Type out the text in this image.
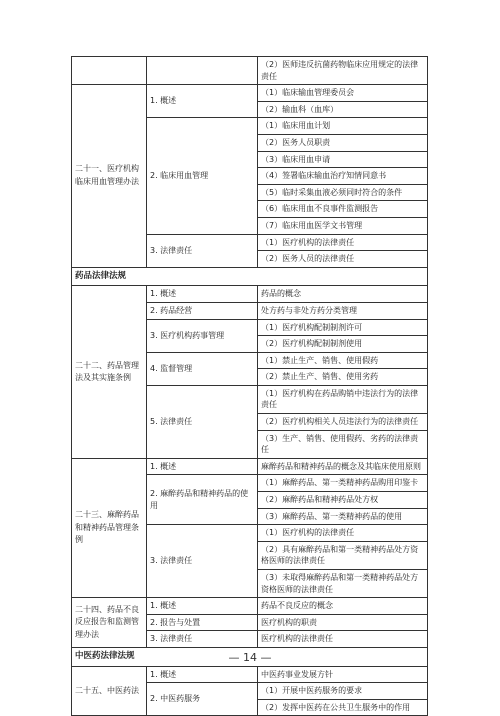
		（2）医师违反抗菌药物临床应用规定的法律责任
二十一、医疗机构临床用血管理办法	1. 概述	（1）临床输血管理委员会
		（2）输血科（血库）
	2. 临床用血管理	（1）临床用血计划
		（2）医务人员职责
		（3）临床用血申请
		（4）签署临床输血治疗知情同意书
		（5）临时采集血液必须同时符合的条件
		（6）临床用血不良事件监测报告
		（7）临床用血医学文书管理
	3. 法律责任	（1）医疗机构的法律责任
		（2）医务人员的法律责任
药品法律法规		
二十二、药品管理法及其实施条例	1. 概述	药品的概念
	2. 药品经营	处方药与非处方药分类管理
	3. 医疗机构药事管理	（1）医疗机构配制制剂许可
		（2）医疗机构配制制剂使用
	4. 监督管理	（1）禁止生产、销售、使用假药
		（2）禁止生产、销售、使用劣药
	5. 法律责任	（1）医疗机构在药品购销中违法行为的法律责任
		（2）医疗机构相关人员违法行为的法律责任
		（3）生产、销售、使用假药、劣药的法律责任
二十三、麻醉药品和精神药品管理条例	1. 概述	麻醉药品和精神药品的概念及其临床使用原则
	2. 麻醉药品和精神药品的使用	（1）麻醉药品、第一类精神药品购用印鉴卡
		（2）麻醉药品和精神药品处方权
		（3）麻醉药品、第一类精神药品的使用
	3. 法律责任	（1）医疗机构的法律责任
		（2）具有麻醉药品和第一类精神药品处方资格医师的法律责任
		（3）未取得麻醉药品和第一类精神药品处方资格医师的法律责任
二十四、药品不良反应报告和监测管理办法	1. 概述	药品不良反应的概念
	2. 报告与处置	医疗机构的职责
	3. 法律责任	医疗机构的法律责任
中医药法律法规		
二十五、中医药法	1. 概述	中医药事业发展方针
	2. 中医药服务	（1）开展中医药服务的要求
		（2）发挥中医药在公共卫生服务中的作用
— 14 —
